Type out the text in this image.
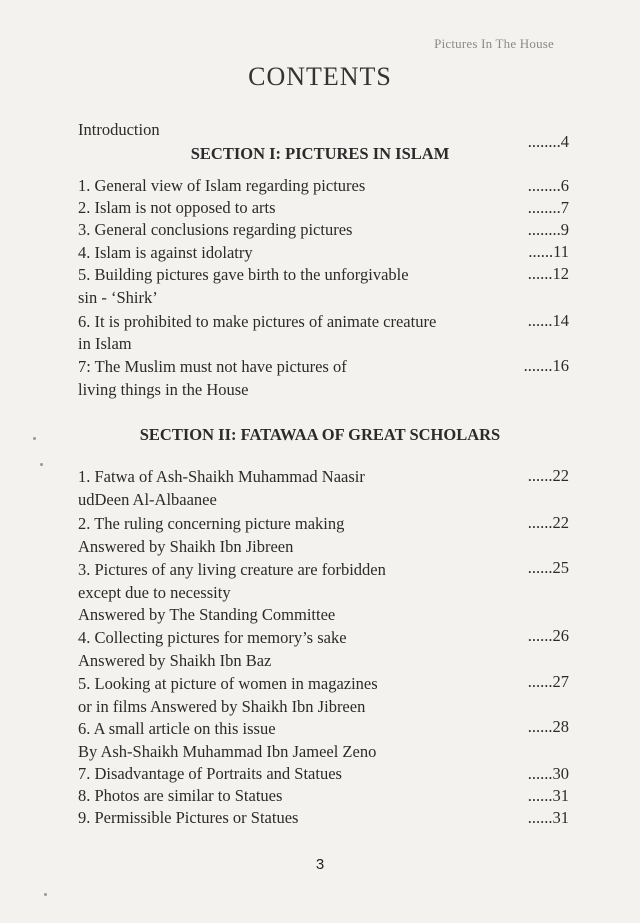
Pictures In The House
CONTENTS
Introduction
........4
SECTION I: PICTURES IN ISLAM
1. General view of Islam regarding pictures	........6
2. Islam is not opposed to arts	........7
3. General conclusions regarding pictures	........9
4. Islam is against idolatry	......11
5. Building pictures gave birth to the unforgivable
sin - ‘Shirk’
......12
6. It is prohibited to make pictures of animate creature
in Islam
......14
7: The Muslim must not have pictures of
living things in the House
.......16
SECTION II: FATAWAA OF GREAT SCHOLARS
1. Fatwa of Ash-Shaikh Muhammad Naasir
udDeen Al-Albaanee
......22
2. The ruling concerning picture making
Answered by Shaikh Ibn Jibreen
......22
3. Pictures of any living creature are forbidden
except due to necessity
Answered by The Standing Committee
......25
4. Collecting pictures for memory’s sake
Answered by Shaikh Ibn Baz
......26
5. Looking at picture of women in magazines
or in films Answered by Shaikh Ibn Jibreen
......27
6. A small article on this issue
By Ash-Shaikh Muhammad Ibn Jameel Zeno
......28
7. Disadvantage of Portraits and Statues	......30
8. Photos are similar to Statues	......31
9. Permissible Pictures or Statues	......31
3
